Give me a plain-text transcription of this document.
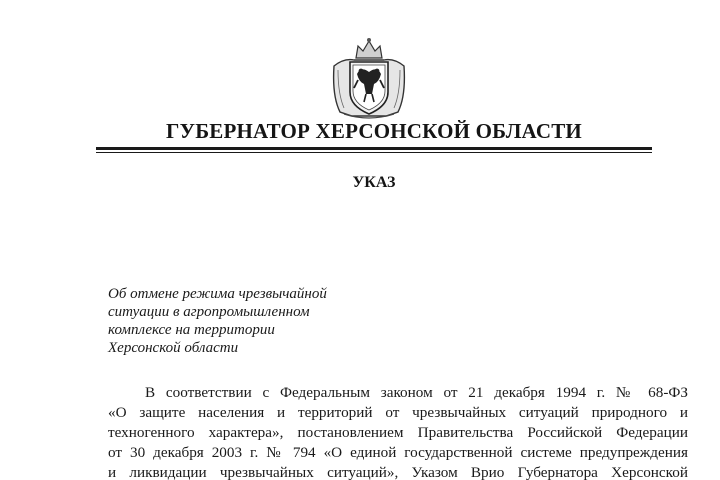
ГУБЕРНАТОР ХЕРСОНСКОЙ ОБЛАСТИ
УКАЗ
Об отмене режима чрезвычайной
ситуации в агропромышленном
комплексе на территории
Херсонской области
В соответствии с Федеральным законом от 21 декабря 1994 г. № 68-ФЗ
«О защите населения и территорий от чрезвычайных ситуаций природного и
техногенного характера», постановлением Правительства Российской Федерации
от 30 декабря 2003 г. № 794 «О единой государственной системе предупреждения
и ликвидации чрезвычайных ситуаций», Указом Врио Губернатора Херсонской
